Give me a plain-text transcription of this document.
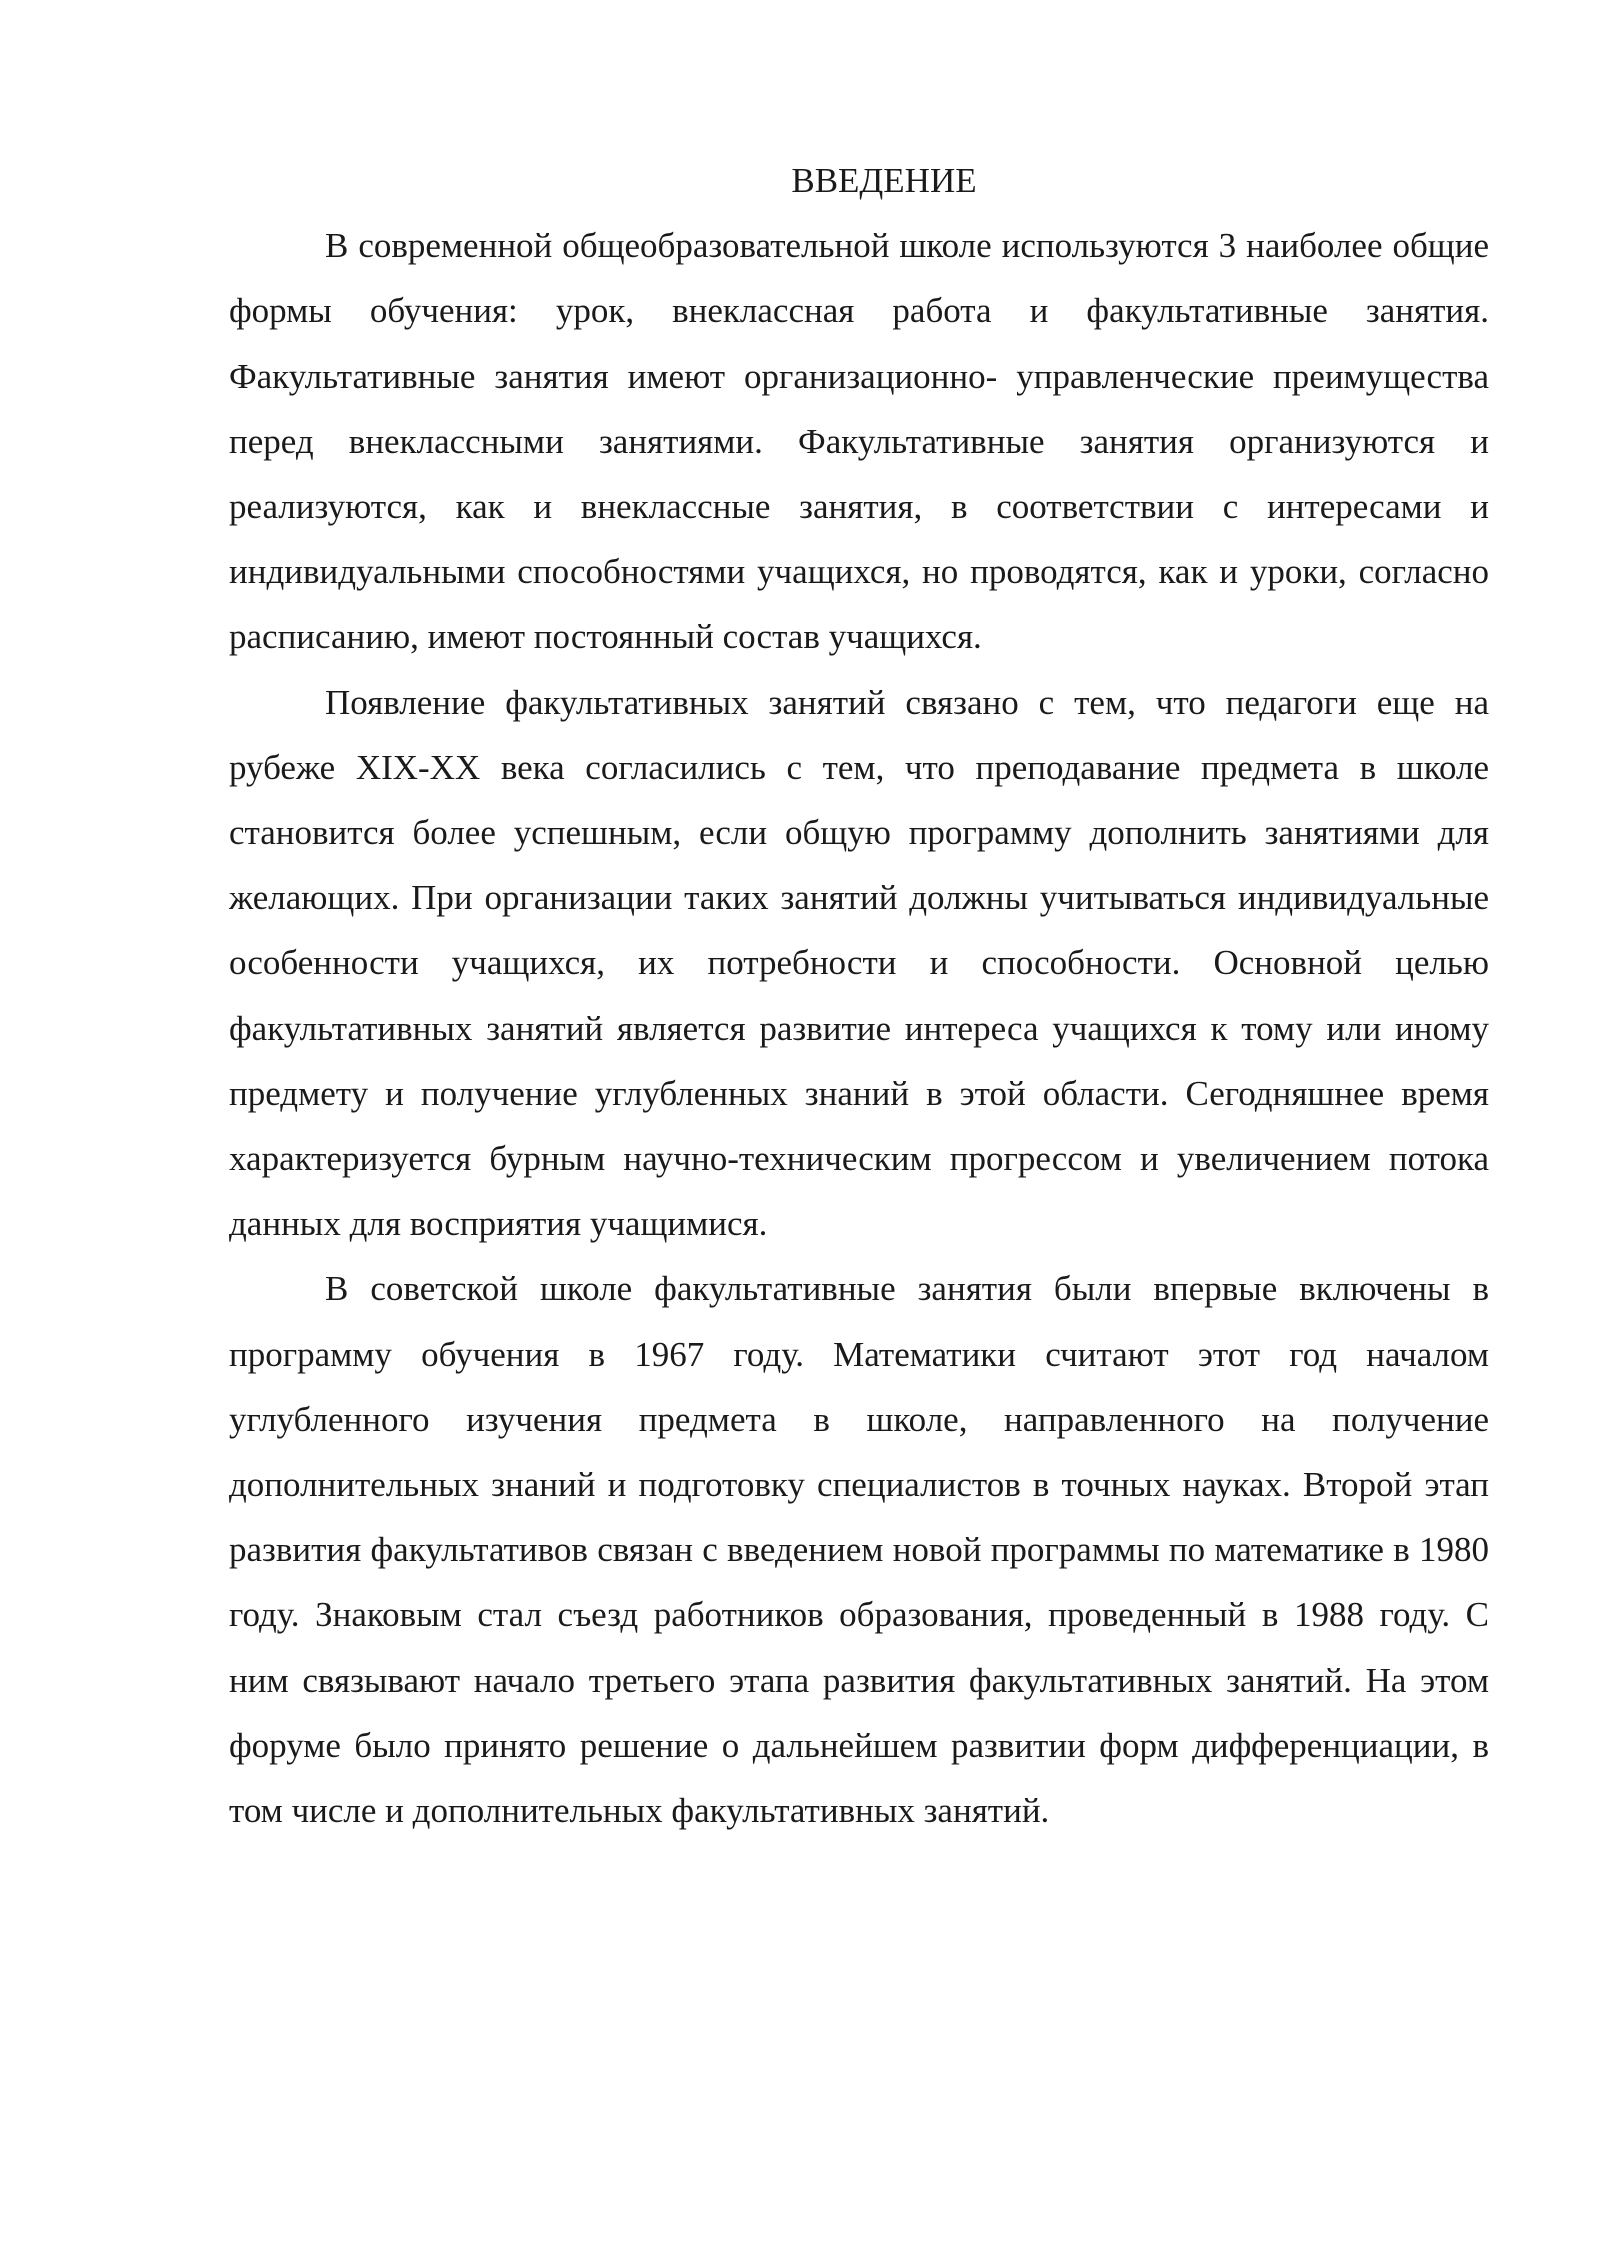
ВВЕДЕНИЕ

В современной общеобразовательной школе используются 3 наиболее общие формы обучения: урок, внеклассная работа и факультативные занятия. Факультативные занятия имеют организационно- управленческие преимущества перед внеклассными занятиями. Факультативные занятия организуются и реализуются, как и внеклассные занятия, в соответствии с интересами и индивидуальными способностями учащихся, но проводятся, как и уроки, согласно расписанию, имеют постоянный состав учащихся.

Появление факультативных занятий связано с тем, что педагоги еще на рубеже XIX-XX века согласились с тем, что преподавание предмета в школе становится более успешным, если общую программу дополнить занятиями для желающих. При организации таких занятий должны учитываться индивидуальные особенности учащихся, их потребности и способности. Основной целью факультативных занятий является развитие интереса учащихся к тому или иному предмету и получение углубленных знаний в этой области. Сегодняшнее время характеризуется бурным научно-техническим прогрессом и увеличением потока данных для восприятия учащимися.

В советской школе факультативные занятия были впервые включены в программу обучения в 1967 году. Математики считают этот год началом углубленного изучения предмета в школе, направленного на получение дополнительных знаний и подготовку специалистов в точных науках. Второй этап развития факультативов связан с введением новой программы по математике в 1980 году. Знаковым стал съезд работников образования, проведенный в 1988 году. С ним связывают начало третьего этапа развития факультативных занятий. На этом форуме было принято решение о дальнейшем развитии форм дифференциации, в том числе и дополнительных факультативных занятий.
